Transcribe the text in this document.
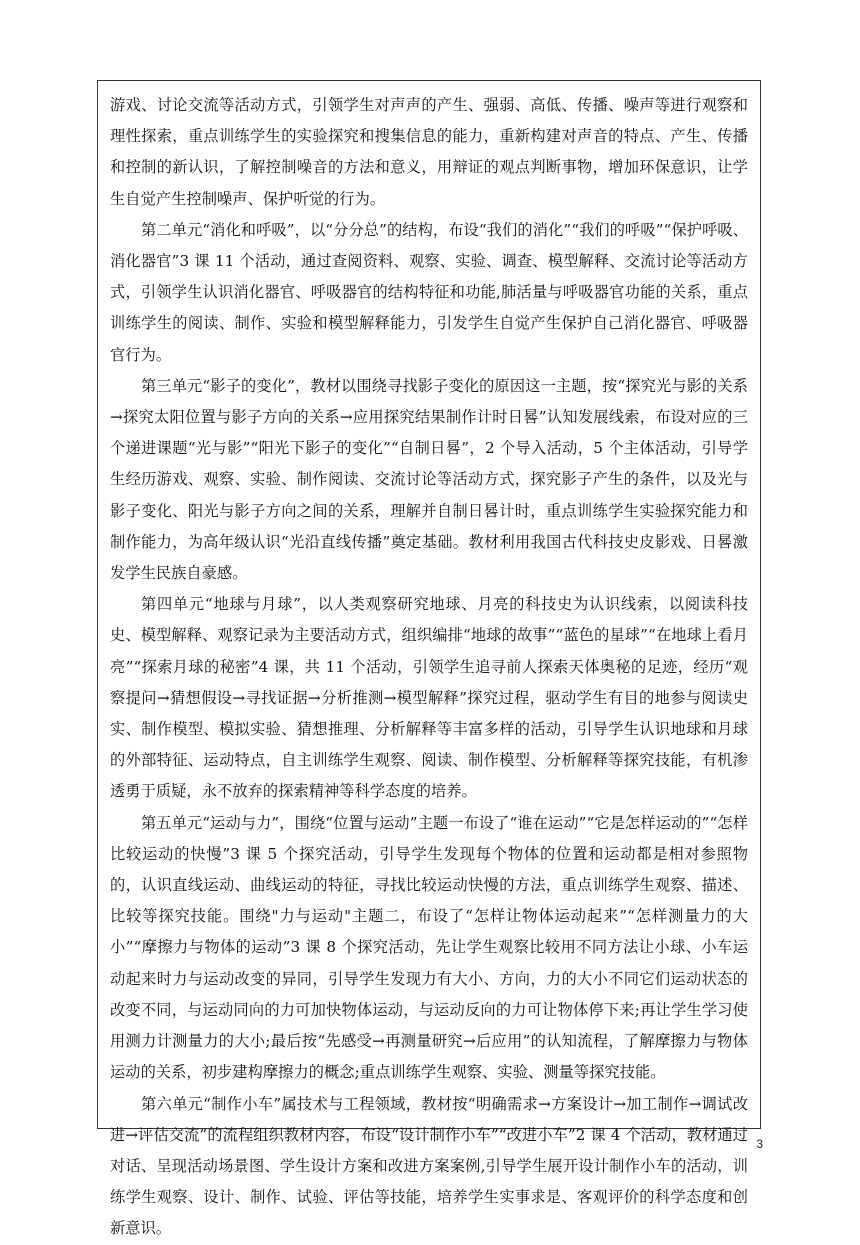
游戏、讨论交流等活动方式，引领学生对声声的产生、强弱、高低、传播、噪声等进行观察和理性探索，重点训练学生的实验探究和搜集信息的能力，重新构建对声音的特点、产生、传播和控制的新认识，了解控制噪音的方法和意义，用辩证的观点判断事物，增加环保意识，让学生自觉产生控制噪声、保护听觉的行为。

第二单元“消化和呼吸”，以“分分总”的结构，布设“我们的消化”“我们的呼吸”“保护呼吸、消化器官”3 课 11 个活动，通过查阅资料、观察、实验、调查、模型解释、交流讨论等活动方式，引领学生认识消化器官、呼吸器官的结构特征和功能,肺活量与呼吸器官功能的关系，重点训练学生的阅读、制作、实验和模型解释能力，引发学生自觉产生保护自己消化器官、呼吸器官行为。

第三单元“影子的变化”，教材以围绕寻找影子变化的原因这一主题，按“探究光与影的关系→探究太阳位置与影子方向的关系→应用探究结果制作计时日晷”认知发展线索，布设对应的三个递进课题“光与影”“阳光下影子的变化”“自制日晷”，2 个导入活动，5 个主体活动，引导学生经历游戏、观察、实验、制作阅读、交流讨论等活动方式，探究影子产生的条件，以及光与影子变化、阳光与影子方向之间的关系，理解并自制日晷计时，重点训练学生实验探究能力和制作能力，为高年级认识“光沿直线传播”奠定基础。教材利用我国古代科技史皮影戏、日晷激发学生民族自豪感。

第四单元“地球与月球”，以人类观察研究地球、月亮的科技史为认识线索，以阅读科技史、模型解释、观察记录为主要活动方式，组织编排“地球的故事”“蓝色的星球”“在地球上看月亮”“探索月球的秘密”4 课，共 11 个活动，引领学生追寻前人探索天体奥秘的足迹，经历“观察提问→猜想假设→寻找证据→分析推测→模型解释”探究过程，驱动学生有目的地参与阅读史实、制作模型、模拟实验、猜想推理、分析解释等丰富多样的活动，引导学生认识地球和月球的外部特征、运动特点，自主训练学生观察、阅读、制作模型、分析解释等探究技能，有机渗透勇于质疑，永不放弃的探索精神等科学态度的培养。

第五单元“运动与力”，围绕“位置与运动”主题一布设了“谁在运动”“它是怎样运动的”“怎样比较运动的快慢”3 课 5 个探究活动，引导学生发现每个物体的位置和运动都是相对参照物的，认识直线运动、曲线运动的特征，寻找比较运动快慢的方法，重点训练学生观察、描述、比较等探究技能。围绕"力与运动"主题二，布设了“怎样让物体运动起来”“怎样测量力的大小”“摩擦力与物体的运动”3 课 8 个探究活动，先让学生观察比较用不同方法让小球、小车运动起来时力与运动改变的异同，引导学生发现力有大小、方向，力的大小不同它们运动状态的改变不同，与运动同向的力可加快物体运动，与运动反向的力可让物体停下来;再让学生学习使用测力计测量力的大小;最后按“先感受→再测量研究→后应用”的认知流程，了解摩擦力与物体运动的关系，初步建构摩擦力的概念;重点训练学生观察、实验、测量等探究技能。

第六单元“制作小车”属技术与工程领域，教材按“明确需求→方案设计→加工制作→调试改进→评估交流”的流程组织教材内容，布设“设计制作小车”“改进小车”2 课 4 个活动，教材通过对话、呈现活动场景图、学生设计方案和改进方案案例,引导学生展开设计制作小车的活动，训练学生观察、设计、制作、试验、评估等技能，培养学生实事求是、客观评价的科学态度和创新意识。

3
